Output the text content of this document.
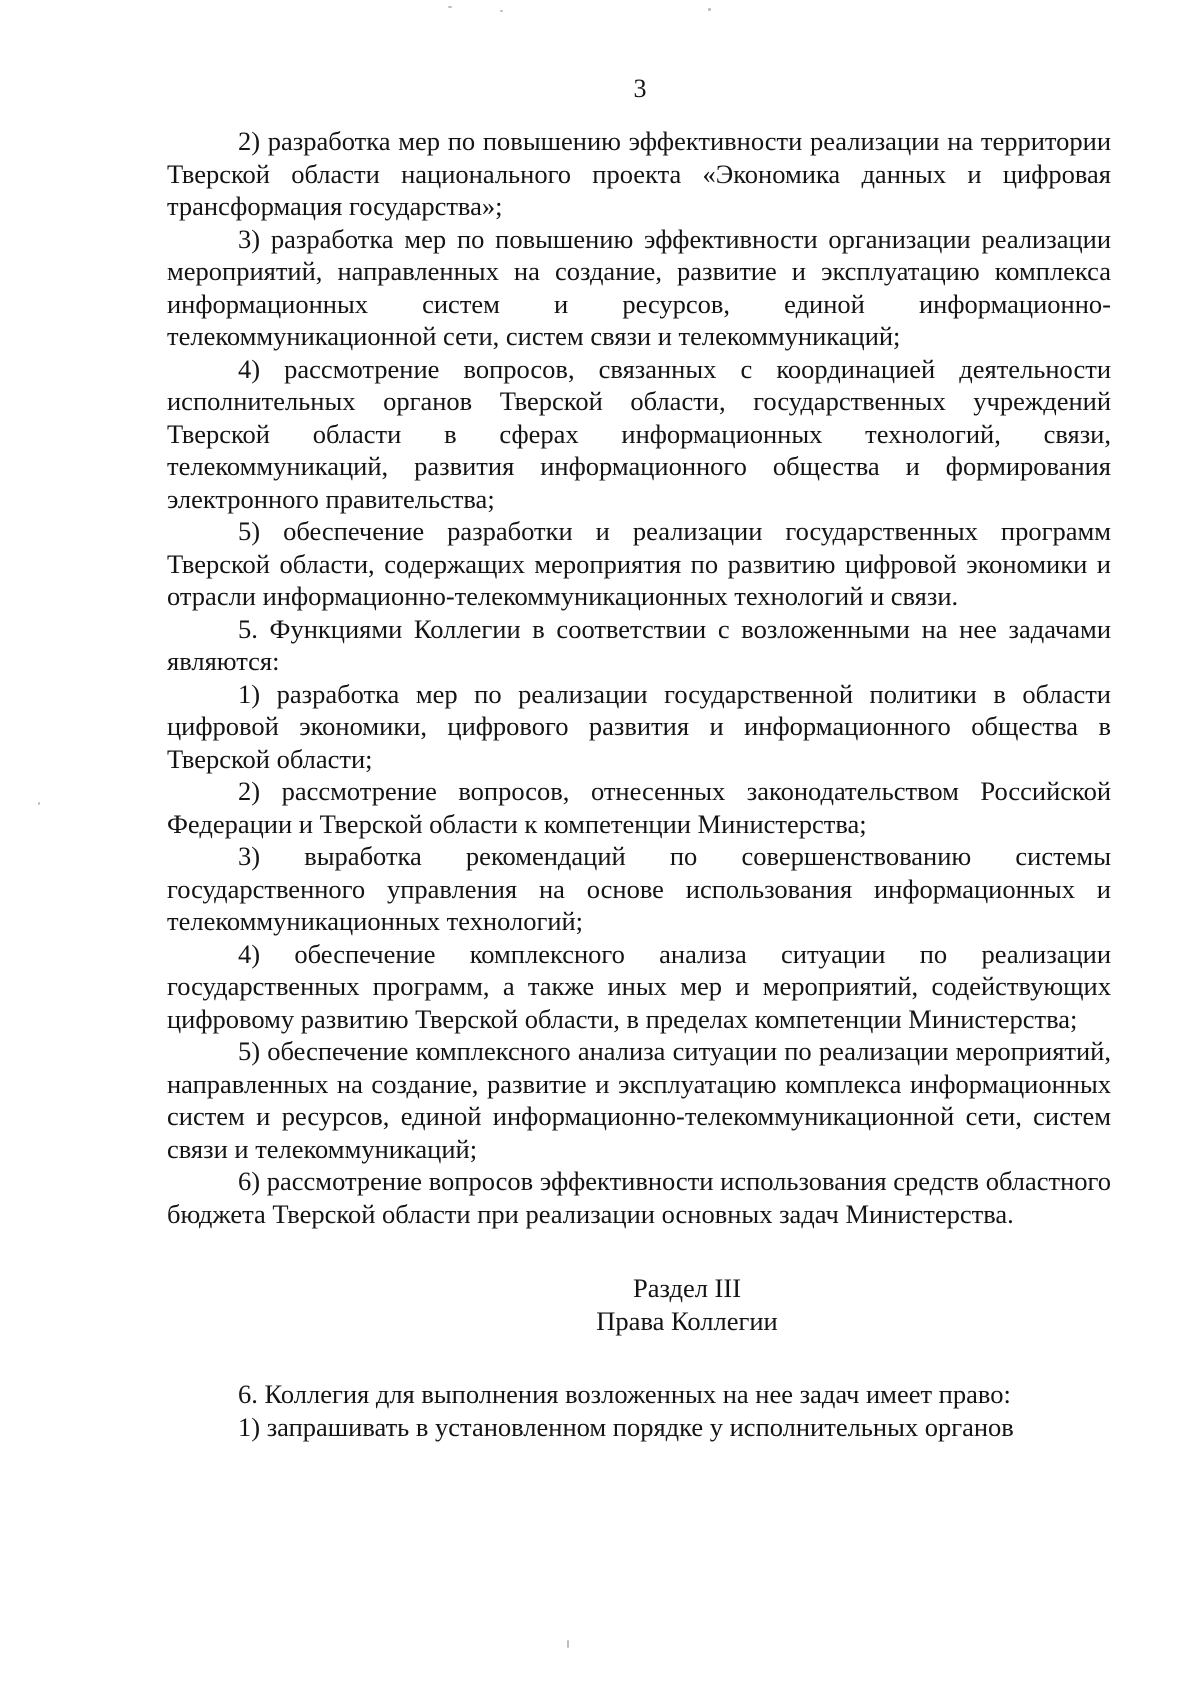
3

2) разработка мер по повышению эффективности реализации на территории Тверской области национального проекта «Экономика данных и цифровая трансформация государства»;

3) разработка мер по повышению эффективности организации реализации мероприятий, направленных на создание, развитие и эксплуатацию комплекса информационных систем и ресурсов, единой информационно-телекоммуникационной сети, систем связи и телекоммуникаций;

4) рассмотрение вопросов, связанных с координацией деятельности исполнительных органов Тверской области, государственных учреждений Тверской области в сферах информационных технологий, связи, телекоммуникаций, развития информационного общества и формирования электронного правительства;

5) обеспечение разработки и реализации государственных программ Тверской области, содержащих мероприятия по развитию цифровой экономики и отрасли информационно-телекоммуникационных технологий и связи.

5. Функциями Коллегии в соответствии с возложенными на нее задачами являются:

1) разработка мер по реализации государственной политики в области цифровой экономики, цифрового развития и информационного общества в Тверской области;

2) рассмотрение вопросов, отнесенных законодательством Российской Федерации и Тверской области к компетенции Министерства;

3) выработка рекомендаций по совершенствованию системы государственного управления на основе использования информационных и телекоммуникационных технологий;

4) обеспечение комплексного анализа ситуации по реализации государственных программ, а также иных мер и мероприятий, содействующих цифровому развитию Тверской области, в пределах компетенции Министерства;

5) обеспечение комплексного анализа ситуации по реализации мероприятий, направленных на создание, развитие и эксплуатацию комплекса информационных систем и ресурсов, единой информационно-телекоммуникационной сети, систем связи и телекоммуникаций;

6) рассмотрение вопросов эффективности использования средств областного бюджета Тверской области при реализации основных задач Министерства.

Раздел III
Права Коллегии

6. Коллегия для выполнения возложенных на нее задач имеет право:

1) запрашивать в установленном порядке у исполнительных органов
